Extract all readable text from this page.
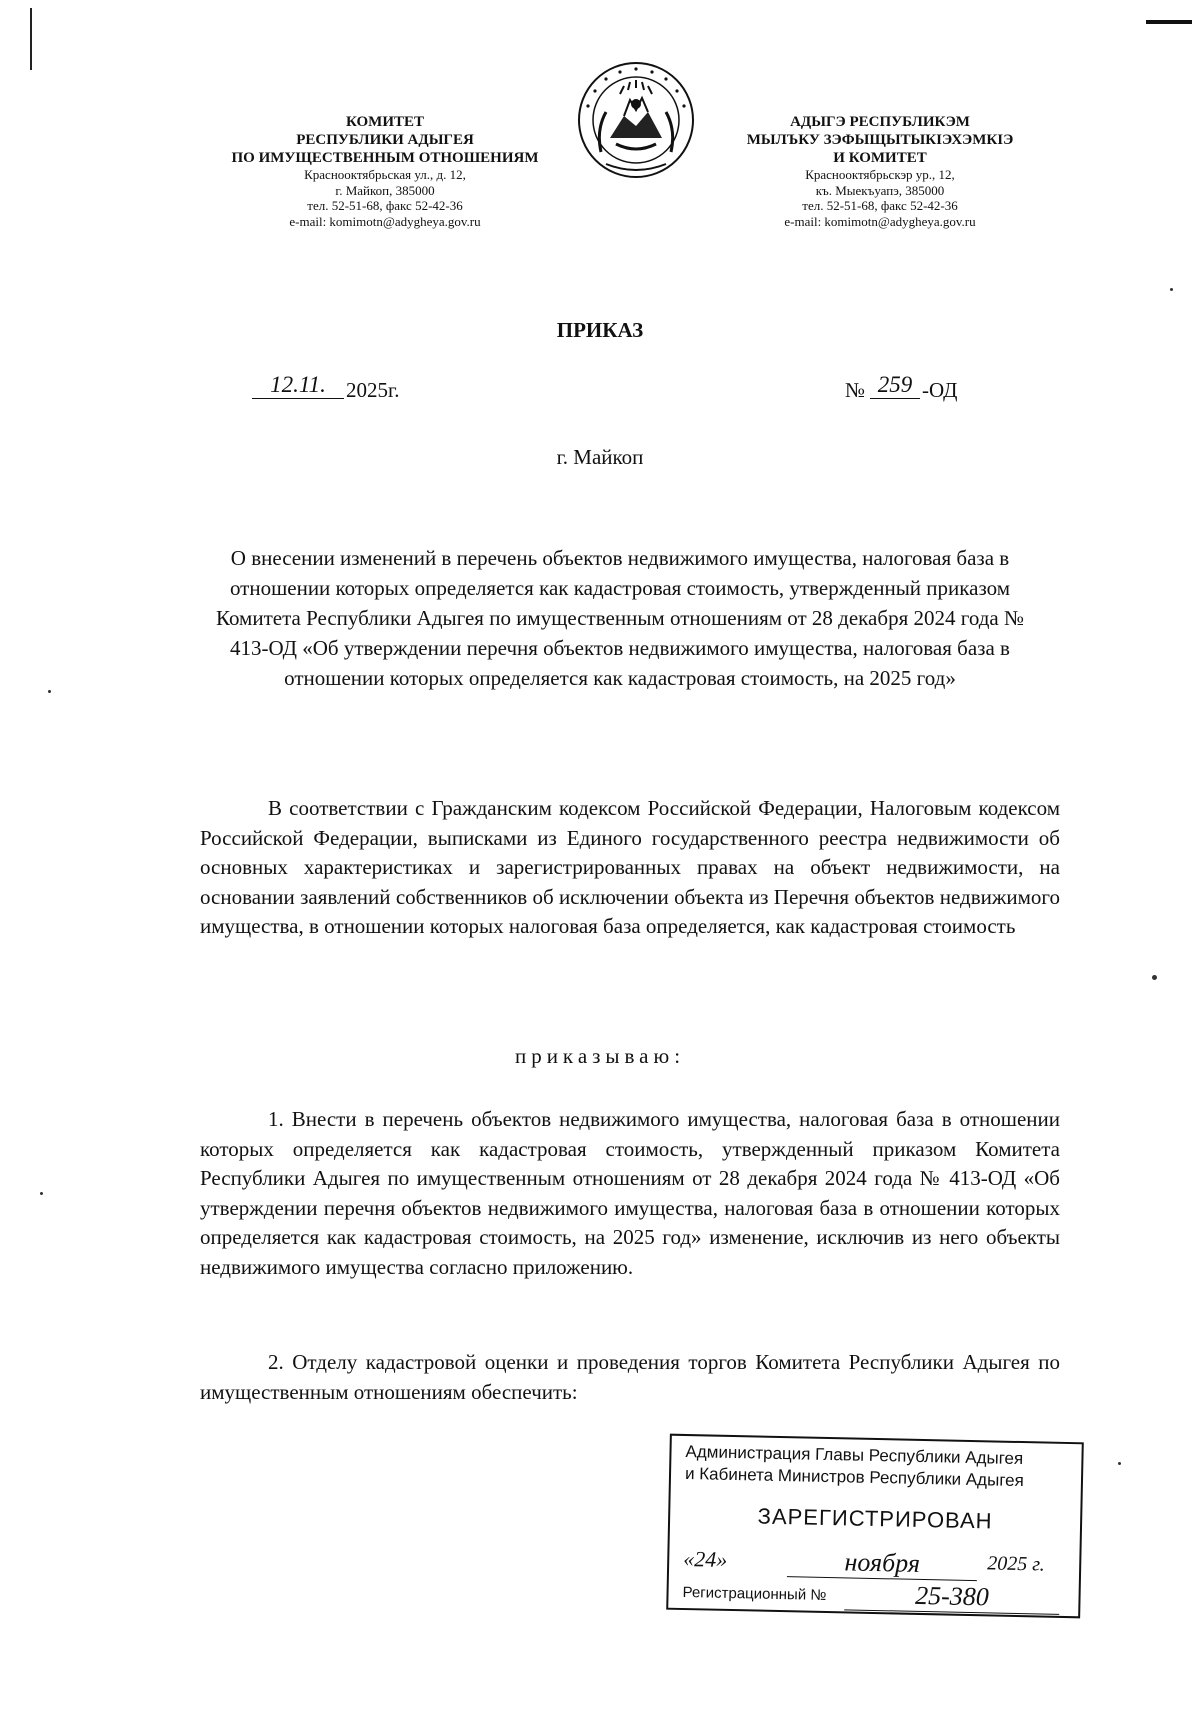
КОМИТЕТ
РЕСПУБЛИКИ АДЫГЕЯ
ПО ИМУЩЕСТВЕННЫМ ОТНОШЕНИЯМ
Краснооктябрьская ул., д. 12,
г. Майкоп, 385000
тел. 52-51-68, факс 52-42-36
e-mail: komimotn@adygheya.gov.ru
АДЫГЭ РЕСПУБЛИКЭМ
МЫЛЪКУ ЗЭФЫЩЫТЫКІЭХЭМКІЭ
И КОМИТЕТ
Краснооктябрьскэр ур., 12,
къ. Мыекъуапэ, 385000
тел. 52-51-68, факс 52-42-36
e-mail: komimotn@adygheya.gov.ru
ПРИКАЗ
12.11. 2025г.	№ 259 -ОД
г. Майкоп
О внесении изменений в перечень объектов недвижимого имущества, налоговая база в отношении которых определяется как кадастровая стоимость, утвержденный приказом Комитета Республики Адыгея по имущественным отношениям от 28 декабря 2024 года № 413-ОД «Об утверждении перечня объектов недвижимого имущества, налоговая база в отношении которых определяется как кадастровая стоимость, на 2025 год»
В соответствии с Гражданским кодексом Российской Федерации, Налоговым кодексом Российской Федерации, выписками из Единого государственного реестра недвижимости об основных характеристиках и зарегистрированных правах на объект недвижимости, на основании заявлений собственников об исключении объекта из Перечня объектов недвижимого имущества, в отношении которых налоговая база определяется, как кадастровая стоимость
приказываю:
1. Внести в перечень объектов недвижимого имущества, налоговая база в отношении которых определяется как кадастровая стоимость, утвержденный приказом Комитета Республики Адыгея по имущественным отношениям от 28 декабря 2024 года № 413-ОД «Об утверждении перечня объектов недвижимого имущества, налоговая база в отношении которых определяется как кадастровая стоимость, на 2025 год» изменение, исключив из него объекты недвижимого имущества согласно приложению.
2. Отделу кадастровой оценки и проведения торгов Комитета Республики Адыгея по имущественным отношениям обеспечить:
Администрация Главы Республики Адыгея
и Кабинета Министров Республики Адыгея
ЗАРЕГИСТРИРОВАН
«24»	ноября	2025 г.
Регистрационный №	25-380
